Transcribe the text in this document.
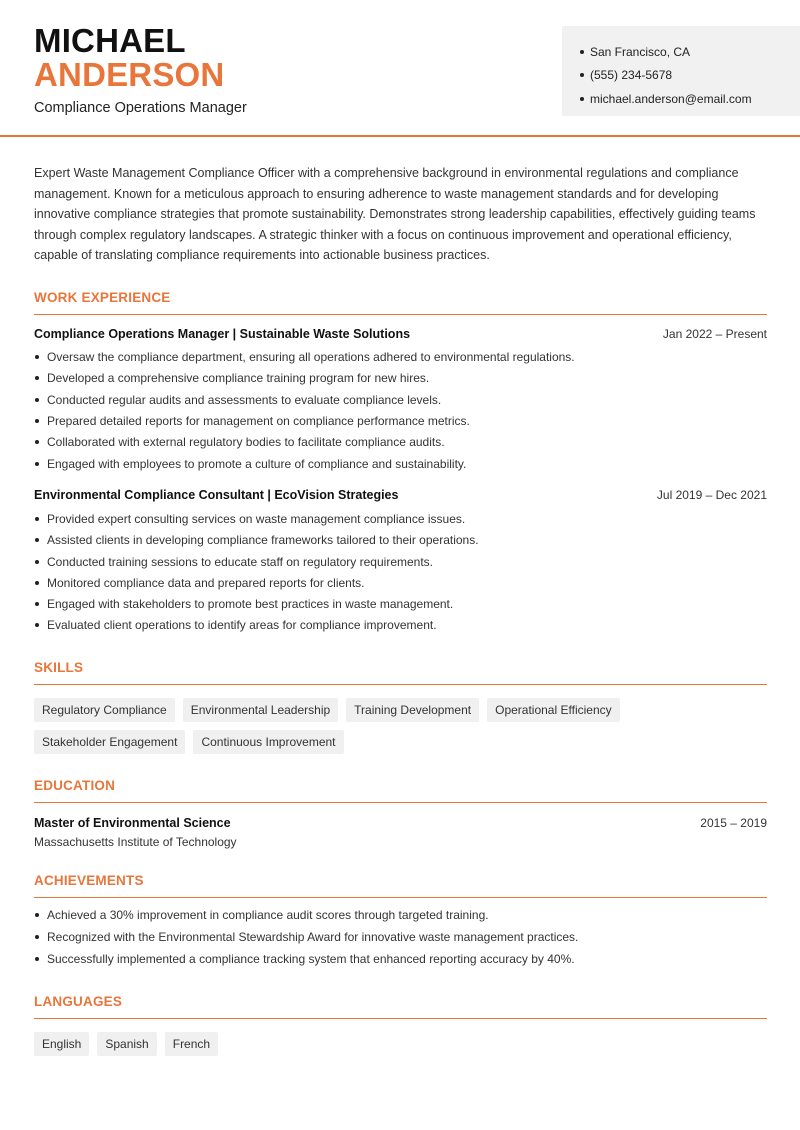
MICHAEL
ANDERSON
Compliance Operations Manager
San Francisco, CA
(555) 234-5678
michael.anderson@email.com

Expert Waste Management Compliance Officer with a comprehensive background in environmental regulations and compliance management. Known for a meticulous approach to ensuring adherence to waste management standards and for developing innovative compliance strategies that promote sustainability. Demonstrates strong leadership capabilities, effectively guiding teams through complex regulatory landscapes. A strategic thinker with a focus on continuous improvement and operational efficiency, capable of translating compliance requirements into actionable business practices.

WORK EXPERIENCE
Compliance Operations Manager | Sustainable Waste Solutions	Jan 2022 – Present
Oversaw the compliance department, ensuring all operations adhered to environmental regulations.
Developed a comprehensive compliance training program for new hires.
Conducted regular audits and assessments to evaluate compliance levels.
Prepared detailed reports for management on compliance performance metrics.
Collaborated with external regulatory bodies to facilitate compliance audits.
Engaged with employees to promote a culture of compliance and sustainability.
Environmental Compliance Consultant | EcoVision Strategies	Jul 2019 – Dec 2021
Provided expert consulting services on waste management compliance issues.
Assisted clients in developing compliance frameworks tailored to their operations.
Conducted training sessions to educate staff on regulatory requirements.
Monitored compliance data and prepared reports for clients.
Engaged with stakeholders to promote best practices in waste management.
Evaluated client operations to identify areas for compliance improvement.
SKILLS
Regulatory Compliance	Environmental Leadership	Training Development	Operational Efficiency
Stakeholder Engagement	Continuous Improvement
EDUCATION
Master of Environmental Science	2015 – 2019
Massachusetts Institute of Technology
ACHIEVEMENTS
Achieved a 30% improvement in compliance audit scores through targeted training.
Recognized with the Environmental Stewardship Award for innovative waste management practices.
Successfully implemented a compliance tracking system that enhanced reporting accuracy by 40%.
LANGUAGES
English	Spanish	French
